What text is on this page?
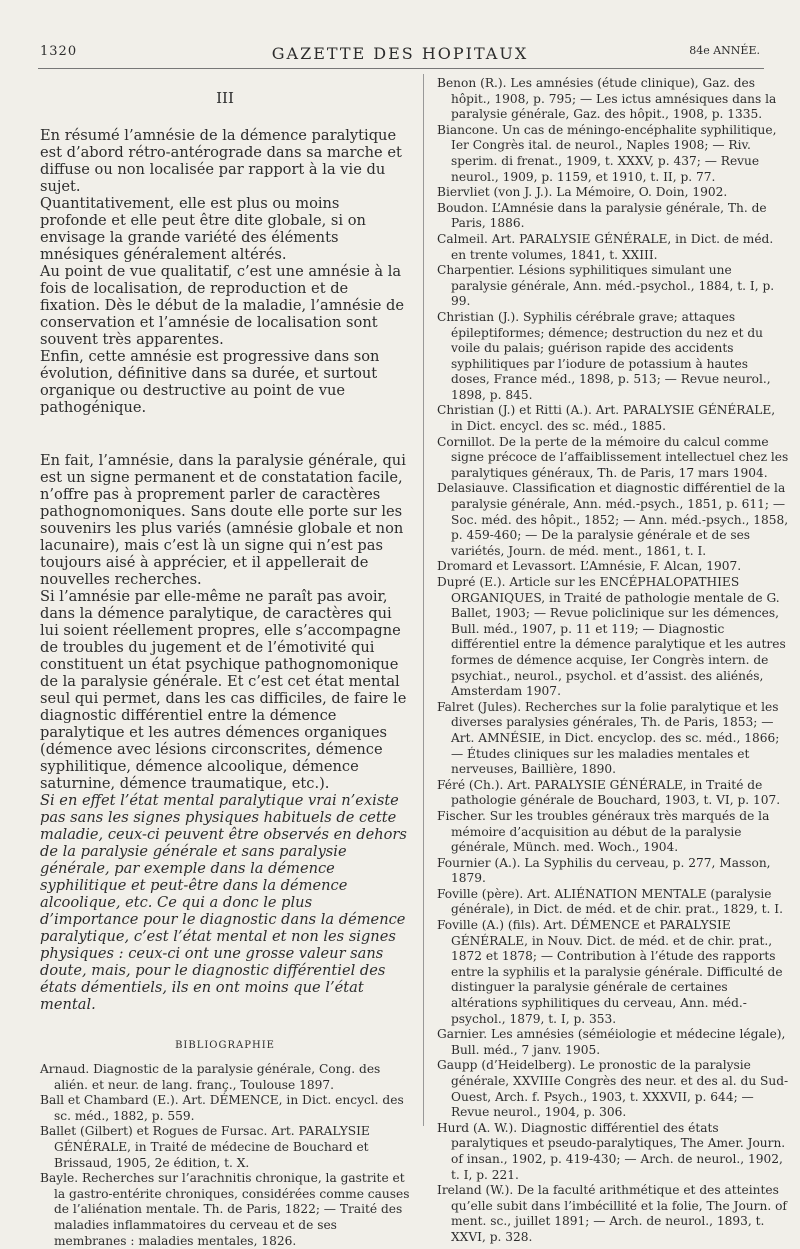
1320	GAZETTE DES HOPITAUX	84e ANNÉE.
III

En résumé l’amnésie de la démence paralytique est d’abord rétro-antérograde dans sa marche et diffuse ou non localisée par rapport à la vie du sujet.

Quantitativement, elle est plus ou moins profonde et elle peut être dite globale, si on envisage la grande variété des éléments mnésiques généralement altérés.

Au point de vue qualitatif, c’est une amnésie à la fois de localisation, de reproduction et de fixation. Dès le début de la maladie, l’amnésie de conservation et l’amnésie de localisation sont souvent très apparentes.

Enfin, cette amnésie est progressive dans son évolution, définitive dans sa durée, et surtout organique ou destructive au point de vue pathogénique.

En fait, l’amnésie, dans la paralysie générale, qui est un signe permanent et de constatation facile, n’offre pas à proprement parler de caractères pathognomoniques. Sans doute elle porte sur les souvenirs les plus variés (amnésie globale et non lacunaire), mais c’est là un signe qui n’est pas toujours aisé à apprécier, et il appellerait de nouvelles recherches.

Si l’amnésie par elle-même ne paraît pas avoir, dans la démence paralytique, de caractères qui lui soient réellement propres, elle s’accompagne de troubles du jugement et de l’émotivité qui constituent un état psychique pathognomonique de la paralysie générale. Et c’est cet état mental seul qui permet, dans les cas difficiles, de faire le diagnostic différentiel entre la démence paralytique et les autres démences organiques (démence avec lésions circonscrites, démence syphilitique, démence alcoolique, démence saturnine, démence traumatique, etc.).

Si en effet l’état mental paralytique vrai n’existe pas sans les signes physiques habituels de cette maladie, ceux-ci peuvent être observés en dehors de la paralysie générale et sans paralysie générale, par exemple dans la démence syphilitique et peut-être dans la démence alcoolique, etc. Ce qui a donc le plus d’importance pour le diagnostic dans la démence paralytique, c’est l’état mental et non les signes physiques : ceux-ci ont une grosse valeur sans doute, mais, pour le diagnostic différentiel des états démentiels, ils en ont moins que l’état mental.

BIBLIOGRAPHIE

Arnaud. Diagnostic de la paralysie générale, Cong. des alién. et neur. de lang. franç., Toulouse 1897.

Ball et Chambard (E.). Art. DÉMENCE, in Dict. encycl. des sc. méd., 1882, p. 559.

Ballet (Gilbert) et Rogues de Fursac. Art. PARALYSIE GÉNÉRALE, in Traité de médecine de Bouchard et Brissaud, 1905, 2e édition, t. X.

Bayle. Recherches sur l’arachnitis chronique, la gastrite et la gastro-entérite chroniques, considérées comme causes de l’aliénation mentale. Th. de Paris, 1822; — Traité des maladies inflammatoires du cerveau et de ses membranes : maladies mentales, 1826.

Benon (R.). Les amnésies (étude clinique), Gaz. des hôpit., 1908, p. 795; — Les ictus amnésiques dans la paralysie générale, Gaz. des hôpit., 1908, p. 1335.

Biancone. Un cas de méningo-encéphalite syphilitique, Ier Congrès ital. de neurol., Naples 1908; — Riv. sperim. di frenat., 1909, t. XXXV, p. 437; — Revue neurol., 1909, p. 1159, et 1910, t. II, p. 77.

Biervliet (von J. J.). La Mémoire, O. Doin, 1902.

Boudon. L’Amnésie dans la paralysie générale, Th. de Paris, 1886.

Calmeil. Art. PARALYSIE GÉNÉRALE, in Dict. de méd. en trente volumes, 1841, t. XXIII.

Charpentier. Lésions syphilitiques simulant une paralysie générale, Ann. méd.-psychol., 1884, t. I, p. 99.

Christian (J.). Syphilis cérébrale grave; attaques épileptiformes; démence; destruction du nez et du voile du palais; guérison rapide des accidents syphilitiques par l’iodure de potassium à hautes doses, France méd., 1898, p. 513; — Revue neurol., 1898, p. 845.

Christian (J.) et Ritti (A.). Art. PARALYSIE GÉNÉRALE, in Dict. encycl. des sc. méd., 1885.

Cornillot. De la perte de la mémoire du calcul comme signe précoce de l’affaiblissement intellectuel chez les paralytiques généraux, Th. de Paris, 17 mars 1904.

Delasiauve. Classification et diagnostic différentiel de la paralysie générale, Ann. méd.-psych., 1851, p. 611; — Soc. méd. des hôpit., 1852; — Ann. méd.-psych., 1858, p. 459-460; — De la paralysie générale et de ses variétés, Journ. de méd. ment., 1861, t. I.

Dromard et Levassort. L’Amnésie, F. Alcan, 1907.

Dupré (E.). Article sur les ENCÉPHALOPATHIES ORGANIQUES, in Traité de pathologie mentale de G. Ballet, 1903; — Revue policlinique sur les démences, Bull. méd., 1907, p. 11 et 119; — Diagnostic différentiel entre la démence paralytique et les autres formes de démence acquise, Ier Congrès intern. de psychiat., neurol., psychol. et d’assist. des aliénés, Amsterdam 1907.

Falret (Jules). Recherches sur la folie paralytique et les diverses paralysies générales, Th. de Paris, 1853; — Art. AMNÉSIE, in Dict. encyclop. des sc. méd., 1866; — Études cliniques sur les maladies mentales et nerveuses, Baillière, 1890.

Féré (Ch.). Art. PARALYSIE GÉNÉRALE, in Traité de pathologie générale de Bouchard, 1903, t. VI, p. 107.

Fischer. Sur les troubles généraux très marqués de la mémoire d’acquisition au début de la paralysie générale, Münch. med. Woch., 1904.

Fournier (A.). La Syphilis du cerveau, p. 277, Masson, 1879.

Foville (père). Art. ALIÉNATION MENTALE (paralysie générale), in Dict. de méd. et de chir. prat., 1829, t. I.

Foville (A.) (fils). Art. DÉMENCE et PARALYSIE GÉNÉRALE, in Nouv. Dict. de méd. et de chir. prat., 1872 et 1878; — Contribution à l’étude des rapports entre la syphilis et la paralysie générale. Difficulté de distinguer la paralysie générale de certaines altérations syphilitiques du cerveau, Ann. méd.-psychol., 1879, t. I, p. 353.

Garnier. Les amnésies (séméiologie et médecine légale), Bull. méd., 7 janv. 1905.

Gaupp (d’Heidelberg). Le pronostic de la paralysie générale, XXVIIIe Congrès des neur. et des al. du Sud-Ouest, Arch. f. Psych., 1903, t. XXXVII, p. 644; — Revue neurol., 1904, p. 306.

Hurd (A. W.). Diagnostic différentiel des états paralytiques et pseudo-paralytiques, The Amer. Journ. of insan., 1902, p. 419-430; — Arch. de neurol., 1902, t. I, p. 221.

Ireland (W.). De la faculté arithmétique et des atteintes qu’elle subit dans l’imbécillité et la folie, The Journ. of ment. sc., juillet 1891; — Arch. de neurol., 1893, t. XXVI, p. 328.
